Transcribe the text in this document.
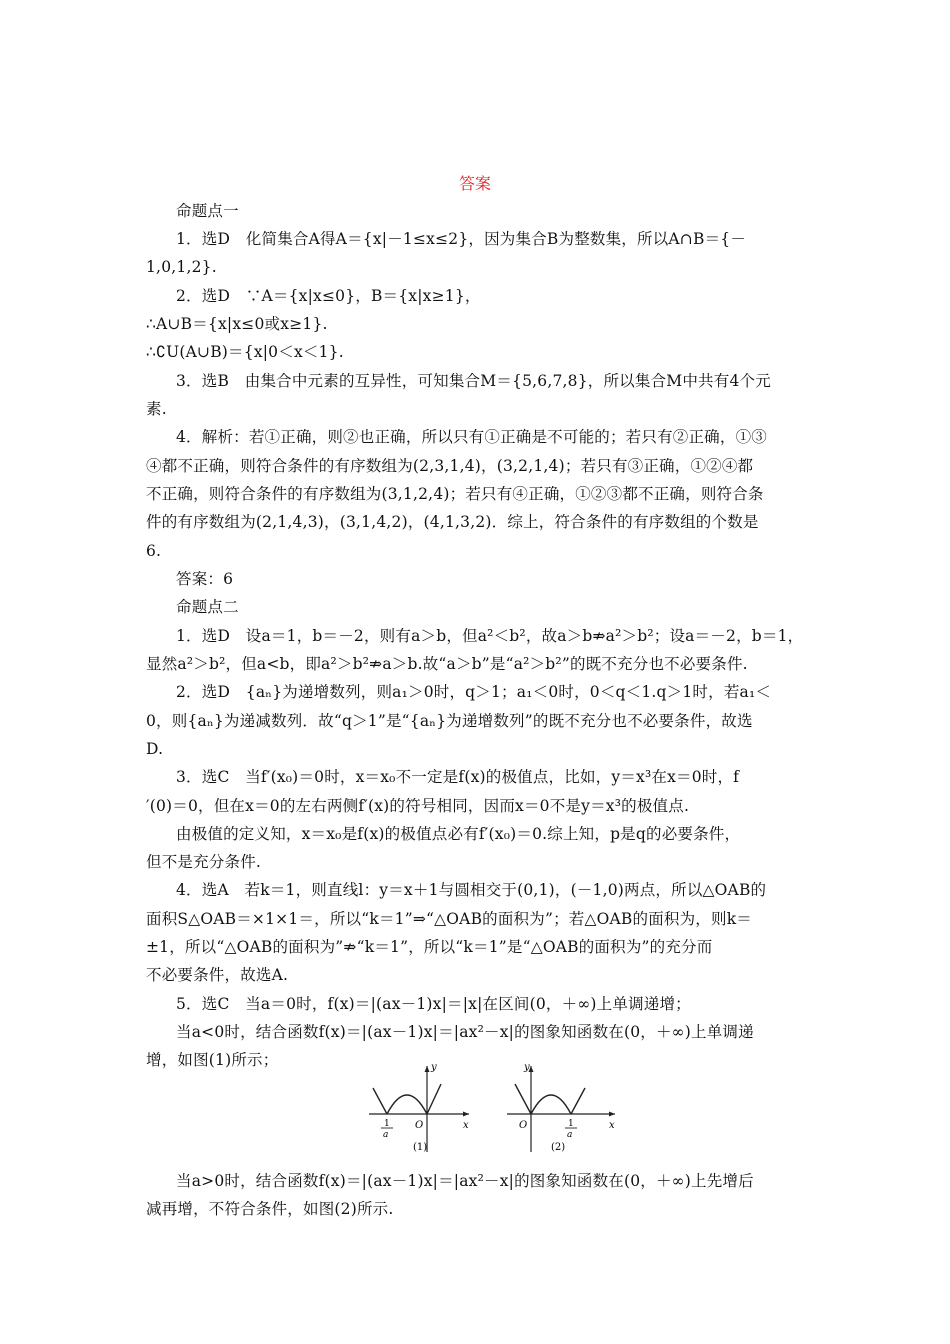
答案
命题点一
1．选D　化简集合A得A＝{x|－1≤x≤2}，因为集合B为整数集，所以A∩B＝{－
1,0,1,2}.
2．选D　∵A＝{x|x≤0}，B＝{x|x≥1}，
∴A∪B＝{x|x≤0或x≥1}.
∴∁U(A∪B)＝{x|0＜x＜1}.
3．选B　由集合中元素的互异性，可知集合M＝{5,6,7,8}，所以集合M中共有4个元
素.
4．解析：若①正确，则②也正确，所以只有①正确是不可能的；若只有②正确，①③
④都不正确，则符合条件的有序数组为(2,3,1,4)，(3,2,1,4)；若只有③正确，①②④都
不正确，则符合条件的有序数组为(3,1,2,4)；若只有④正确，①②③都不正确，则符合条
件的有序数组为(2,1,4,3)，(3,1,4,2)，(4,1,3,2)．综上，符合条件的有序数组的个数是
6.
答案：6
命题点二
1．选D　设a＝1，b＝－2，则有a＞b，但a²＜b²，故a＞b⇏a²＞b²；设a＝－2，b＝1，
显然a²＞b²，但a<b，即a²＞b²⇏a＞b.故“a＞b”是“a²＞b²”的既不充分也不必要条件.
2．选D　{aₙ}为递增数列，则a₁＞0时，q＞1；a₁＜0时，0＜q＜1.q＞1时，若a₁＜
0，则{aₙ}为递减数列．故“q＞1”是“{aₙ}为递增数列”的既不充分也不必要条件，故选
D.
3．选C　当f′(x₀)＝0时，x＝x₀不一定是f(x)的极值点，比如，y＝x³在x＝0时，f
′(0)＝0，但在x＝0的左右两侧f′(x)的符号相同，因而x＝0不是y＝x³的极值点.
由极值的定义知，x＝x₀是f(x)的极值点必有f′(x₀)＝0.综上知，p是q的必要条件，
但不是充分条件.
4．选A　若k＝1，则直线l：y＝x＋1与圆相交于(0,1)，(－1,0)两点，所以△OAB的
面积S△OAB＝×1×1＝，所以“k＝1”⇒“△OAB的面积为”；若△OAB的面积为，则k＝
±1，所以“△OAB的面积为”⇏“k＝1”，所以“k＝1”是“△OAB的面积为”的充分而
不必要条件，故选A.
5．选C　当a＝0时，f(x)＝|(ax－1)x|＝|x|在区间(0，＋∞)上单调递增；
当a<0时，结合函数f(x)＝|(ax－1)x|＝|ax²－x|的图象知函数在(0，＋∞)上单调递
增，如图(1)所示；	y
x
O
1
a
(1)
y
x
O	1
a
(2)
当a>0时，结合函数f(x)＝|(ax－1)x|＝|ax²－x|的图象知函数在(0，＋∞)上先增后
减再增，不符合条件，如图(2)所示.
